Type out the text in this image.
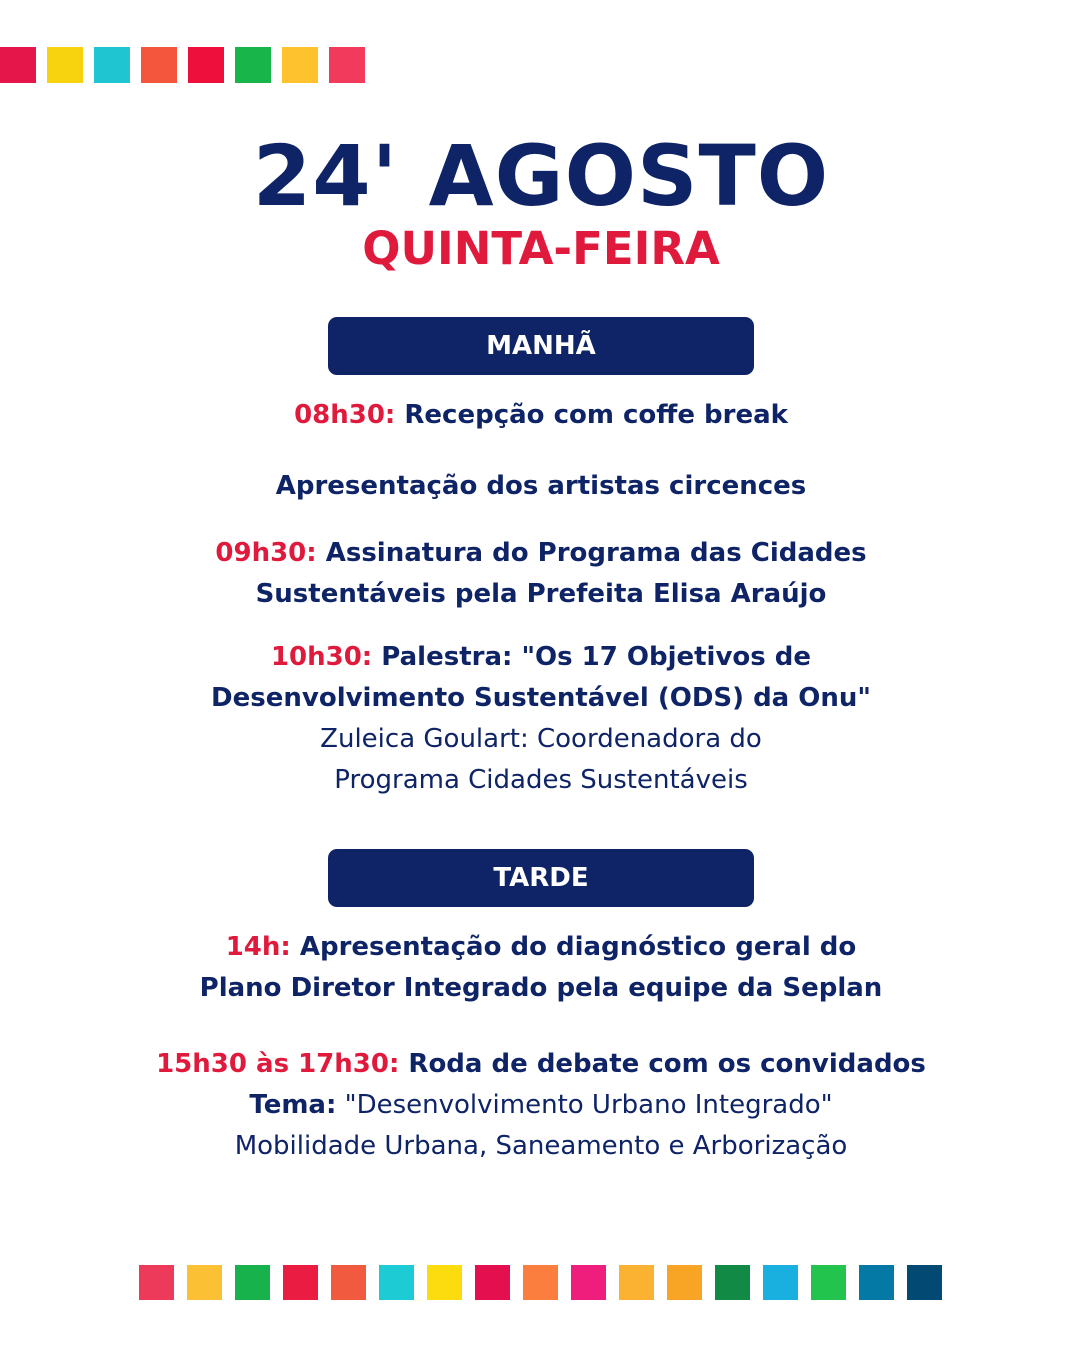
24' AGOSTO
QUINTA-FEIRA
MANHÃ
08h30: Recepção com coffe break
Apresentação dos artistas circences
09h30: Assinatura do Programa das Cidades
Sustentáveis pela Prefeita Elisa Araújo
10h30: Palestra: "Os 17 Objetivos de
Desenvolvimento Sustentável (ODS) da Onu"
Zuleica Goulart: Coordenadora do
Programa Cidades Sustentáveis
TARDE
14h: Apresentação do diagnóstico geral do
Plano Diretor Integrado pela equipe da Seplan
15h30 às 17h30: Roda de debate com os convidados
Tema: "Desenvolvimento Urbano Integrado"
Mobilidade Urbana, Saneamento e Arborização
